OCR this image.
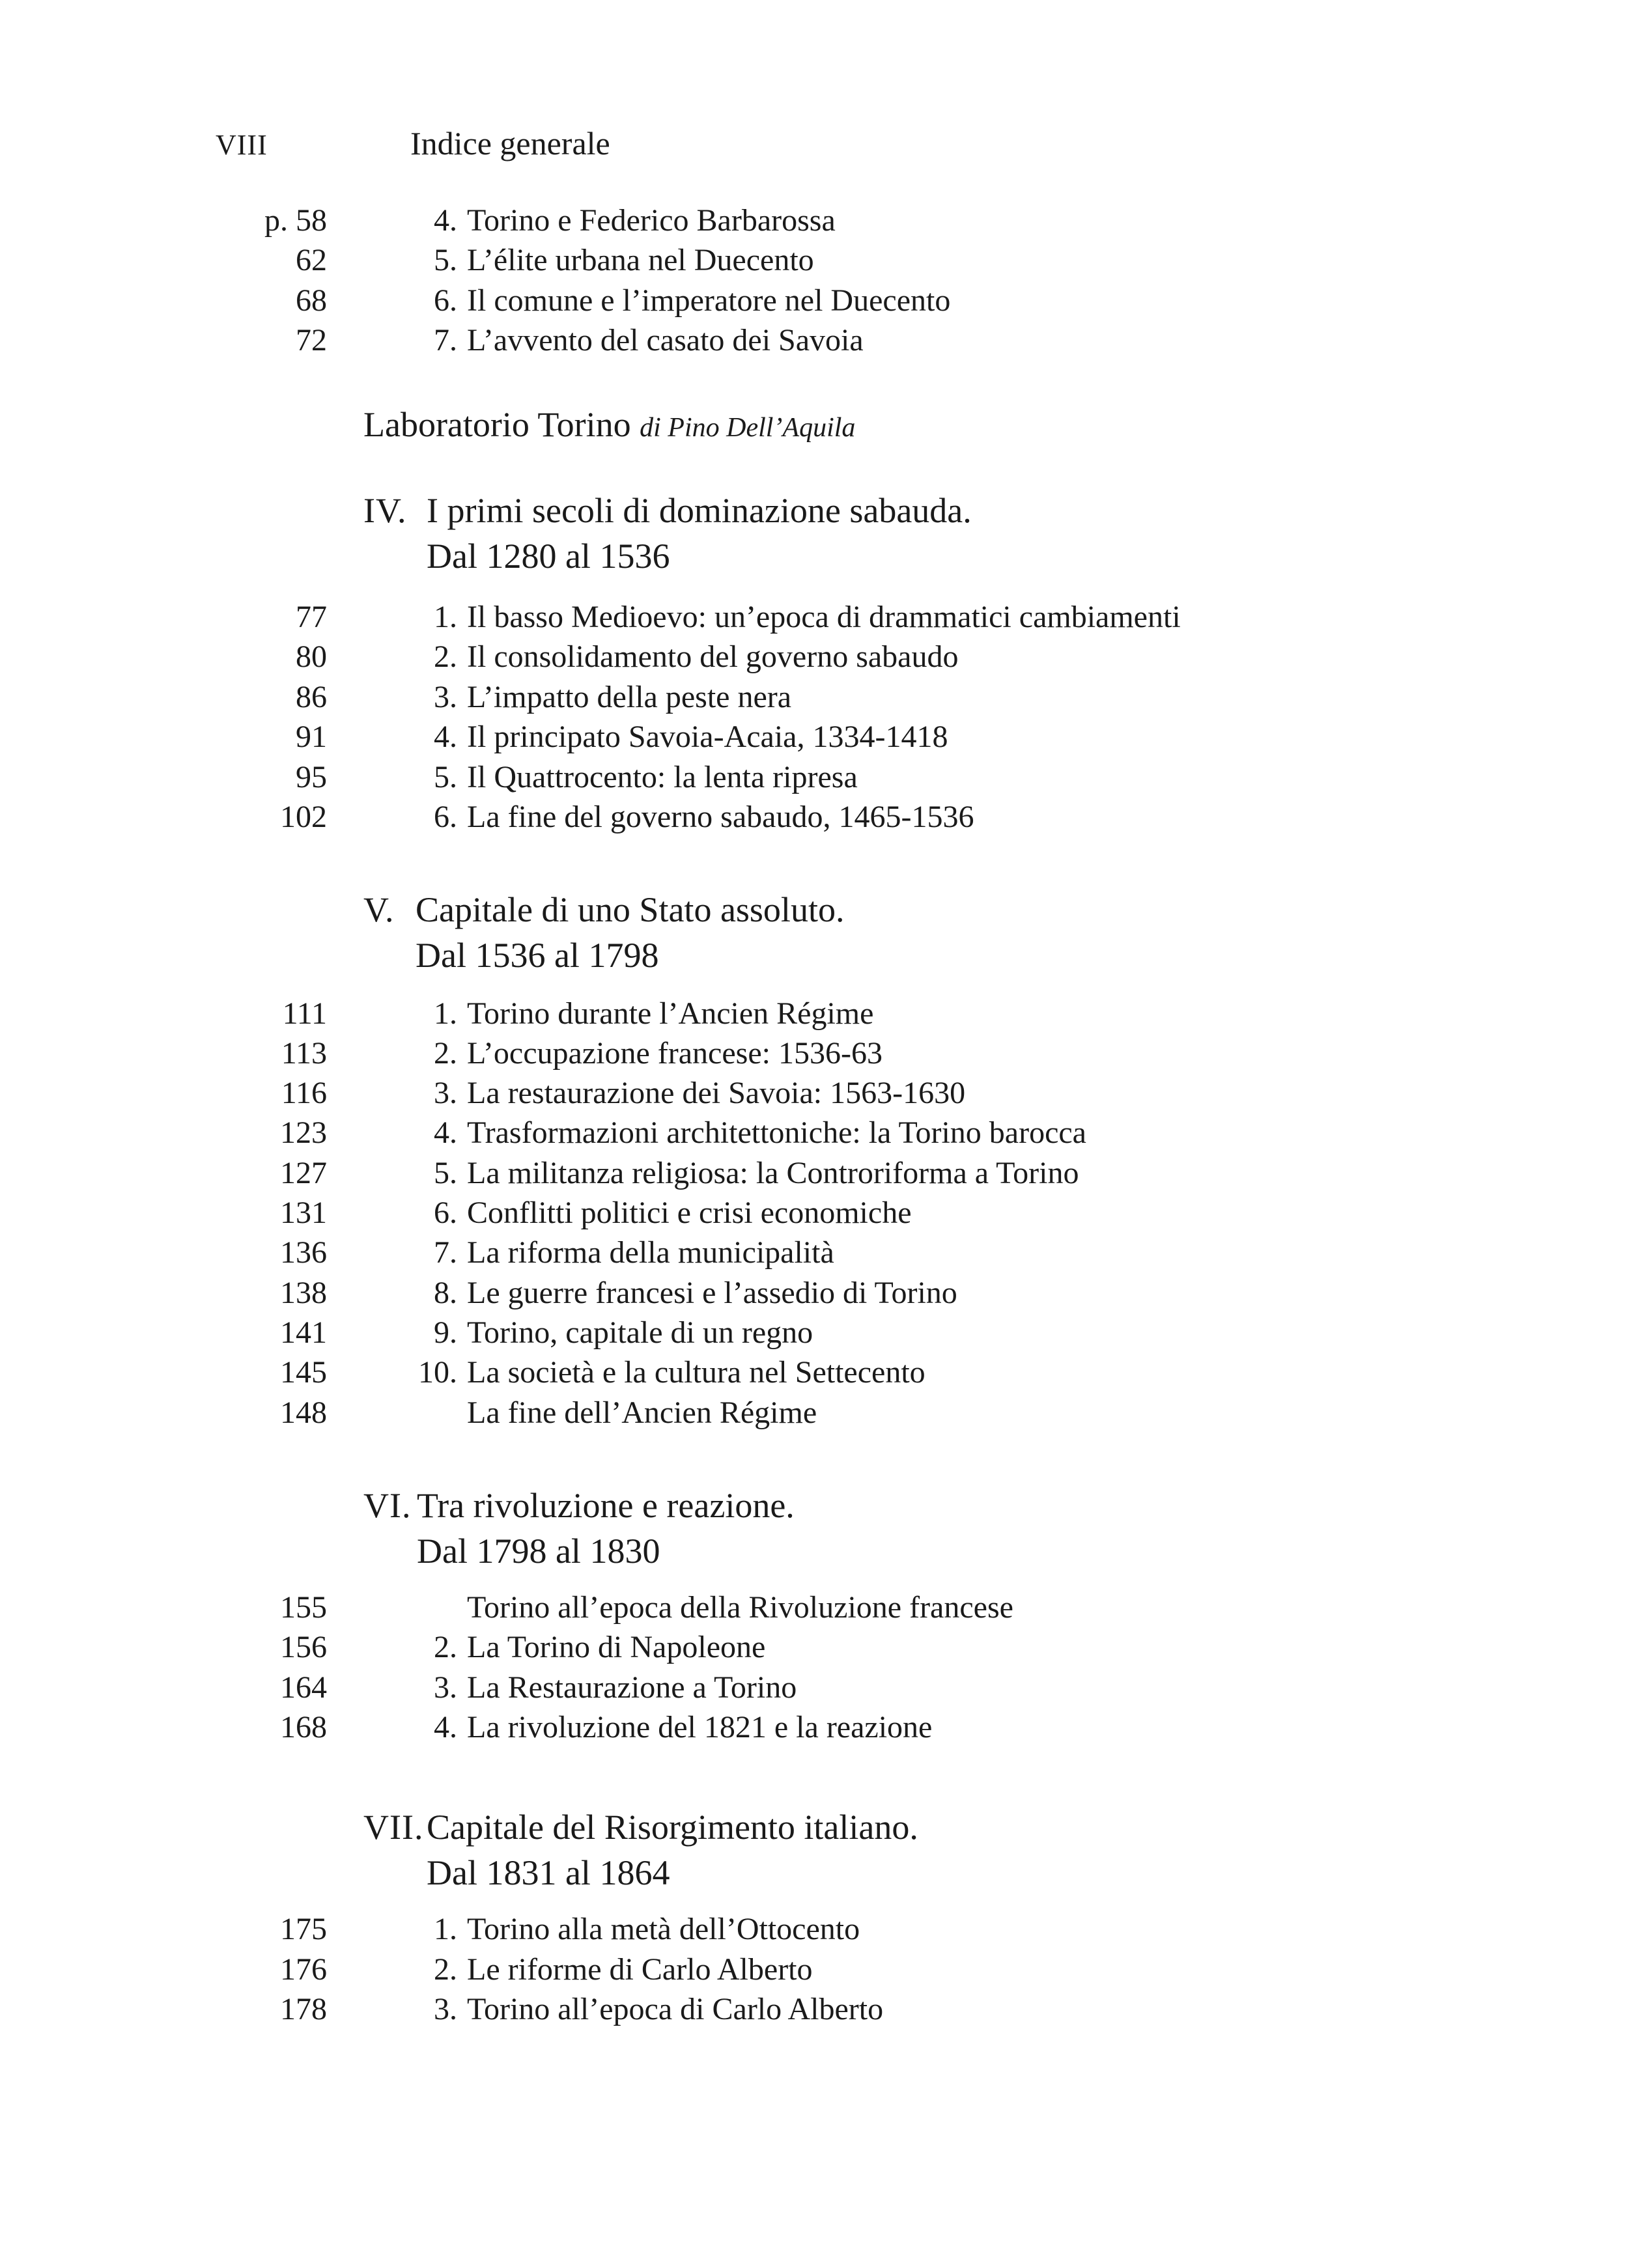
VIII	Indice generale
p. 58	4. Torino e Federico Barbarossa
62	5. L’élite urbana nel Duecento
68	6. Il comune e l’imperatore nel Duecento
72	7. L’avvento del casato dei Savoia
Laboratorio Torino di Pino Dell’Aquila
IV. I primi secoli di dominazione sabauda.
Dal 1280 al 1536
77	1. Il basso Medioevo: un’epoca di drammatici cambiamenti
80	2. Il consolidamento del governo sabaudo
86	3. L’impatto della peste nera
91	4. Il principato Savoia-Acaia, 1334-1418
95	5. Il Quattrocento: la lenta ripresa
102	6. La fine del governo sabaudo, 1465-1536
V. Capitale di uno Stato assoluto.
Dal 1536 al 1798
111	1. Torino durante l’Ancien Régime
113	2. L’occupazione francese: 1536-63
116	3. La restaurazione dei Savoia: 1563-1630
123	4. Trasformazioni architettoniche: la Torino barocca
127	5. La militanza religiosa: la Controriforma a Torino
131	6. Conflitti politici e crisi economiche
136	7. La riforma della municipalità
138	8. Le guerre francesi e l’assedio di Torino
141	9. Torino, capitale di un regno
145	10. La società e la cultura nel Settecento
148	La fine dell’Ancien Régime
VI. Tra rivoluzione e reazione.
Dal 1798 al 1830
155	Torino all’epoca della Rivoluzione francese
156	2. La Torino di Napoleone
164	3. La Restaurazione a Torino
168	4. La rivoluzione del 1821 e la reazione
VII. Capitale del Risorgimento italiano.
Dal 1831 al 1864
175	1. Torino alla metà dell’Ottocento
176	2. Le riforme di Carlo Alberto
178	3. Torino all’epoca di Carlo Alberto
